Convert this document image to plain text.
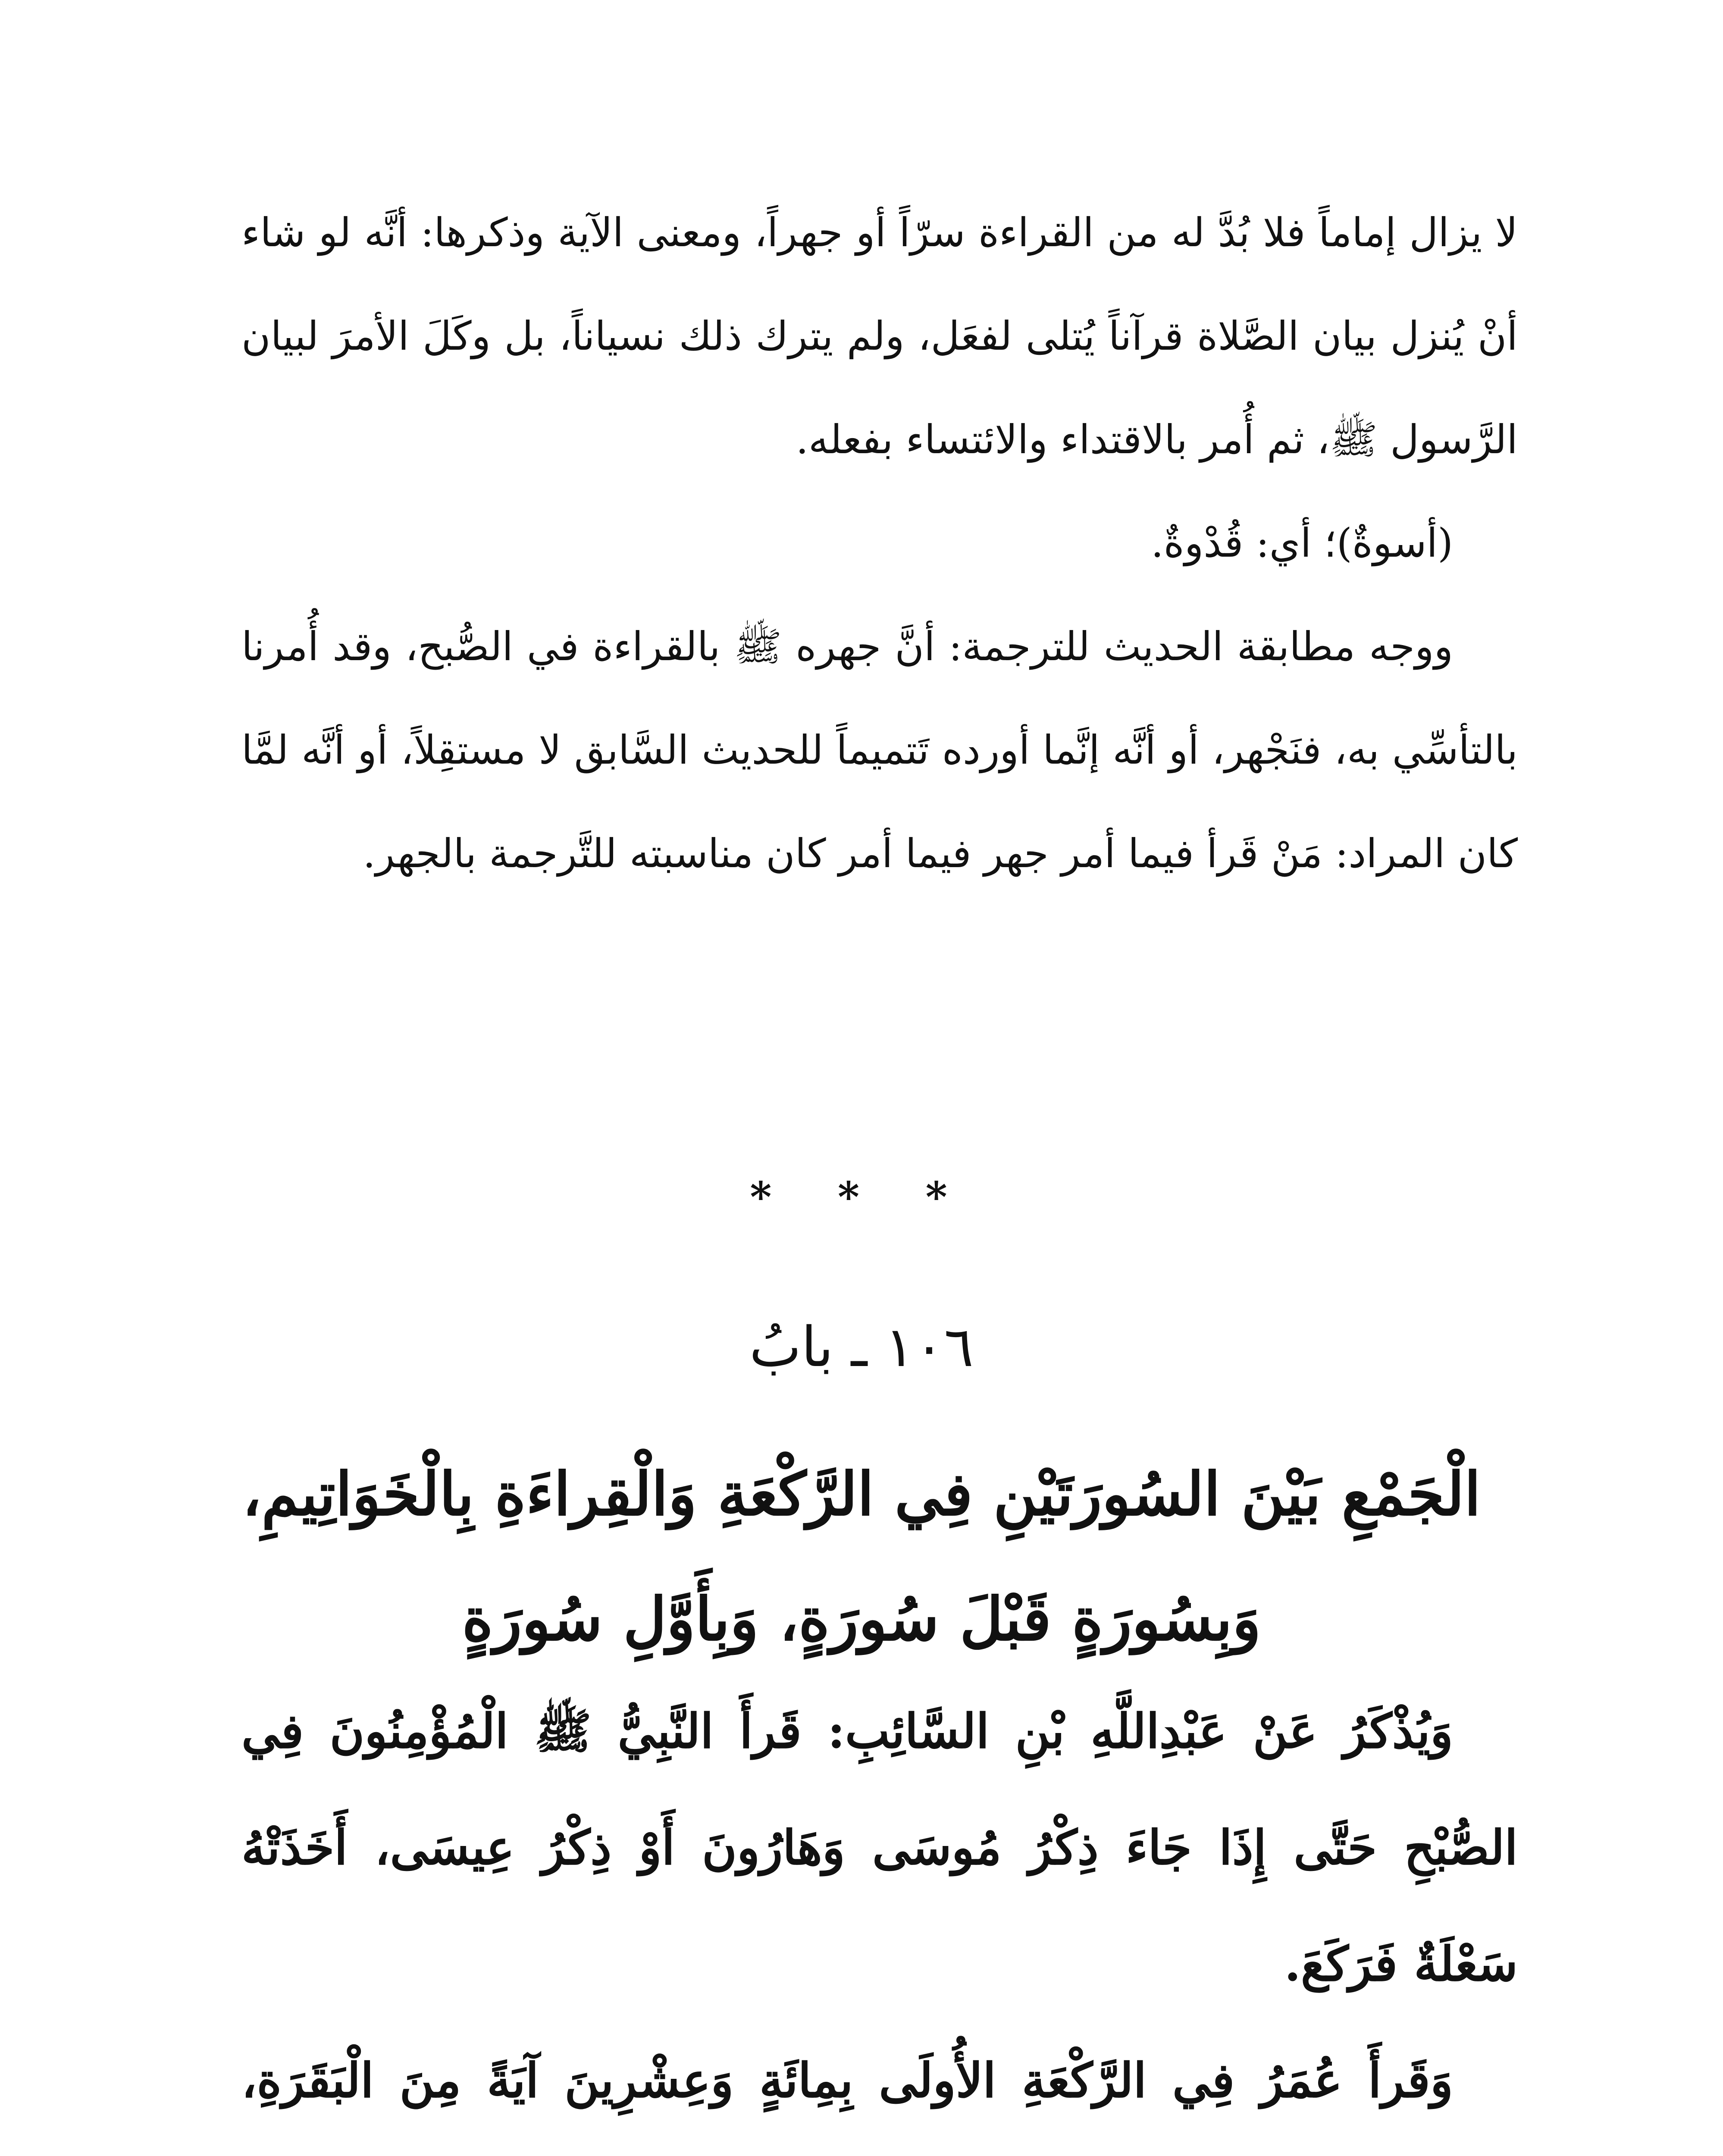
لا يزال إماماً فلا بُدَّ له من القراءة سرّاً أو جهراً، ومعنى الآية وذكرها: أنَّه لو شاء أنْ يُنزل بيان الصَّلاة قرآناً يُتلى لفعَل، ولم يترك ذلك نسياناً، بل وكَلَ الأمرَ لبيان الرَّسول ﷺ، ثم أُمر بالاقتداء والائتساء بفعله.

(أسوةٌ)؛ أي: قُدْوةٌ.

ووجه مطابقة الحديث للترجمة: أنَّ جهره ﷺ بالقراءة في الصُّبح، وقد أُمرنا بالتأسِّي به، فنَجْهر، أو أنَّه إنَّما أورده تَتميماً للحديث السَّابق لا مستقِلاً، أو أنَّه لمَّا كان المراد: مَنْ قَرأ فيما أمر جهر فيما أمر كان مناسبته للتَّرجمة بالجهر.

* * *
١٠٦ ـ بابُ
الْجَمْعِ بَيْنَ السُورَتَيْنِ فِي الرَّكْعَةِ وَالْقِراءَةِ بِالْخَوَاتِيمِ،
وَبِسُورَةٍ قَبْلَ سُورَةٍ، وَبِأَوَّلِ سُورَةٍ

وَيُذْكَرُ عَنْ عَبْدِاللَّهِ بْنِ السَّائِبِ: قَرأَ النَّبِيُّ ﷺ الْمُؤْمِنُونَ فِي الصُّبْحِ حَتَّى إِذَا جَاءَ ذِكْرُ مُوسَى وَهَارُونَ أَوْ ذِكْرُ عِيسَى، أَخَذَتْهُ سَعْلَةٌ فَرَكَعَ.

وَقَرأَ عُمَرُ فِي الرَّكْعَةِ الأُولَى بِمِائَةٍ وَعِشْرِينَ آيَةً مِنَ الْبَقَرَةِ،
